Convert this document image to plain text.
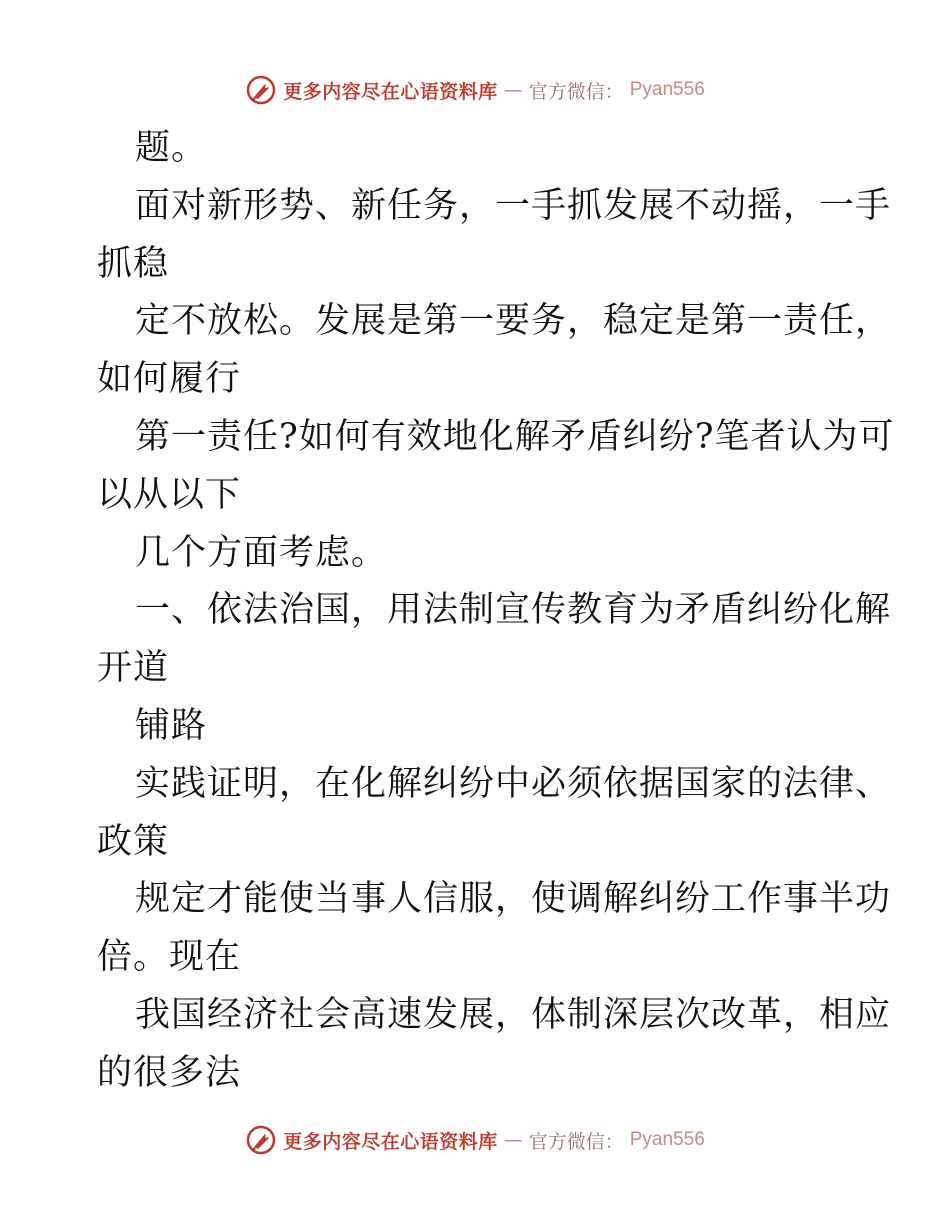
更多内容尽在心语资料库 — 官方微信： Pyan556
题。
面对新形势、新任务，一手抓发展不动摇，一手
抓稳
定不放松。发展是第一要务，稳定是第一责任，
如何履行
第一责任?如何有效地化解矛盾纠纷?笔者认为可
以从以下
几个方面考虑。
一、依法治国，用法制宣传教育为矛盾纠纷化解
开道
铺路
实践证明，在化解纠纷中必须依据国家的法律、
政策
规定才能使当事人信服，使调解纠纷工作事半功
倍。现在
我国经济社会高速发展，体制深层次改革，相应
的很多法
更多内容尽在心语资料库 — 官方微信： Pyan556
